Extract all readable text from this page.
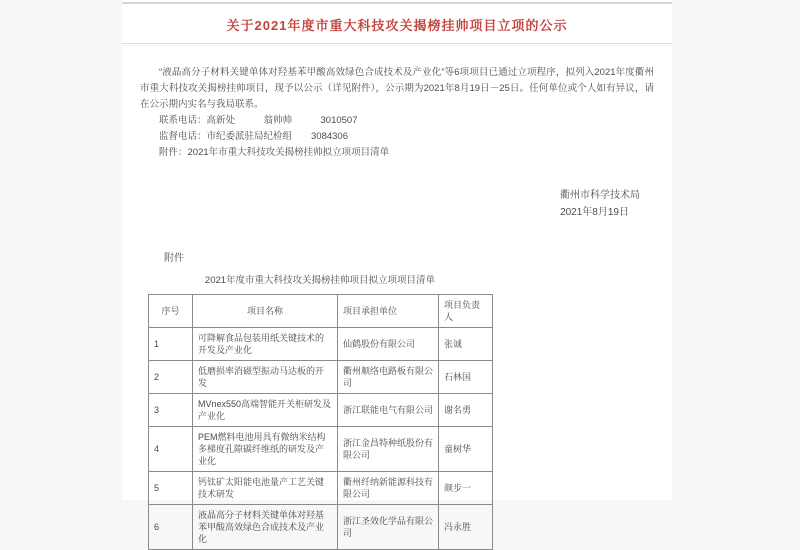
关于2021年度市重大科技攻关揭榜挂帅项目立项的公示

“液晶高分子材料关键单体对羟基苯甲酸高效绿色合成技术及产业化”等6项项目已通过立项程序，拟列入2021年度衢州市重大科技攻关揭榜挂帅项目，现予以公示（详见附件），公示期为2021年8月19日－25日。任何单位或个人如有异议，请在公示期内实名与我局联系。

联系电话：高新处　　　翁帅帅　　　3010507
监督电话：市纪委派驻局纪检组　　3084306
附件：2021年市重大科技攻关揭榜挂帅拟立项项目清单
衢州市科学技术局
2021年8月19日
附件
2021年度市重大科技攻关揭榜挂帅项目拟立项项目清单
序号	项目名称	项目承担单位	项目负责人
1	可降解食品包装用纸关键技术的开发及产业化	仙鹤股份有限公司	张诚
2	低磨损率消磁型振动马达板的开发	衢州顺络电路板有限公司	石林国
3	MVnex550高端智能开关柜研发及产业化	浙江联能电气有限公司	谢名勇
4	PEM燃料电池用具有微纳米结构多梯度孔隙碳纤维纸的研发及产业化	浙江金昌特种纸股份有限公司	童树华
5	钙钛矿太阳能电池量产工艺关键技术研发	衢州纤纳新能源科技有限公司	颜步一
6	液晶高分子材料关键单体对羟基苯甲酸高效绿色合成技术及产业化	浙江圣效化学品有限公司	冯永胜
